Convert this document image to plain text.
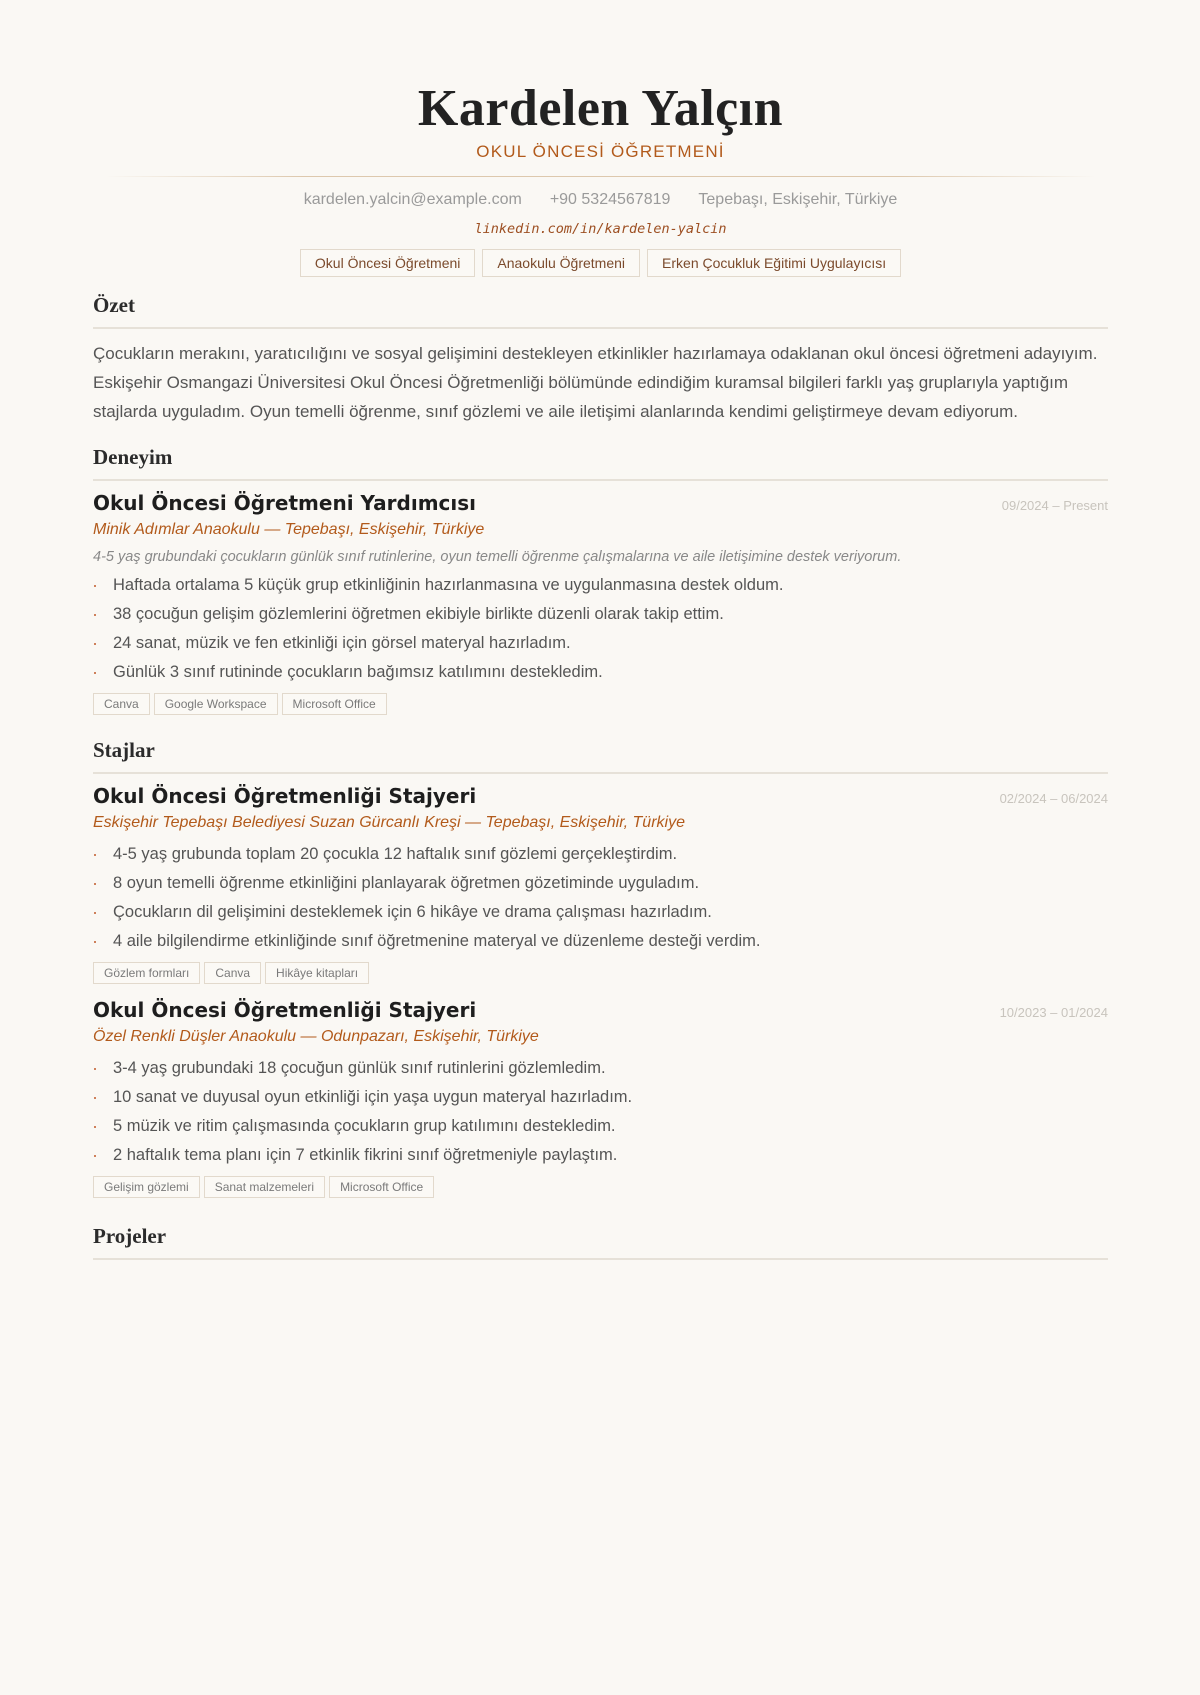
Kardelen Yalçın
OKUL ÖNCESİ ÖĞRETMENİ
kardelen.yalcin@example.com +90 5324567819 Tepebaşı, Eskişehir, Türkiye
linkedin.com/in/kardelen-yalcin
Okul Öncesi Öğretmeni	Anaokulu Öğretmeni	Erken Çocukluk Eğitimi Uygulayıcısı
Özet

Çocukların merakını, yaratıcılığını ve sosyal gelişimini destekleyen etkinlikler hazırlamaya odaklanan okul öncesi öğretmeni adayıyım. Eskişehir Osmangazi Üniversitesi Okul Öncesi Öğretmenliği bölümünde edindiğim kuramsal bilgileri farklı yaş gruplarıyla yaptığım stajlarda uyguladım. Oyun temelli öğrenme, sınıf gözlemi ve aile iletişimi alanlarında kendimi geliştirmeye devam ediyorum.

Deneyim
Okul Öncesi Öğretmeni Yardımcısı	09/2024 – Present
Minik Adımlar Anaokulu — Tepebaşı, Eskişehir, Türkiye
4-5 yaş grubundaki çocukların günlük sınıf rutinlerine, oyun temelli öğrenme çalışmalarına ve aile iletişimine destek veriyorum.
Haftada ortalama 5 küçük grup etkinliğinin hazırlanmasına ve uygulanmasına destek oldum.
38 çocuğun gelişim gözlemlerini öğretmen ekibiyle birlikte düzenli olarak takip ettim.
24 sanat, müzik ve fen etkinliği için görsel materyal hazırladım.
Günlük 3 sınıf rutininde çocukların bağımsız katılımını destekledim.
Canva	Google Workspace	Microsoft Office
Stajlar
Okul Öncesi Öğretmenliği Stajyeri	02/2024 – 06/2024
Eskişehir Tepebaşı Belediyesi Suzan Gürcanlı Kreşi — Tepebaşı, Eskişehir, Türkiye
4-5 yaş grubunda toplam 20 çocukla 12 haftalık sınıf gözlemi gerçekleştirdim.
8 oyun temelli öğrenme etkinliğini planlayarak öğretmen gözetiminde uyguladım.
Çocukların dil gelişimini desteklemek için 6 hikâye ve drama çalışması hazırladım.
4 aile bilgilendirme etkinliğinde sınıf öğretmenine materyal ve düzenleme desteği verdim.
Gözlem formları	Canva	Hikâye kitapları
Okul Öncesi Öğretmenliği Stajyeri	10/2023 – 01/2024
Özel Renkli Düşler Anaokulu — Odunpazarı, Eskişehir, Türkiye
3-4 yaş grubundaki 18 çocuğun günlük sınıf rutinlerini gözlemledim.
10 sanat ve duyusal oyun etkinliği için yaşa uygun materyal hazırladım.
5 müzik ve ritim çalışmasında çocukların grup katılımını destekledim.
2 haftalık tema planı için 7 etkinlik fikrini sınıf öğretmeniyle paylaştım.
Gelişim gözlemi	Sanat malzemeleri	Microsoft Office
Projeler
